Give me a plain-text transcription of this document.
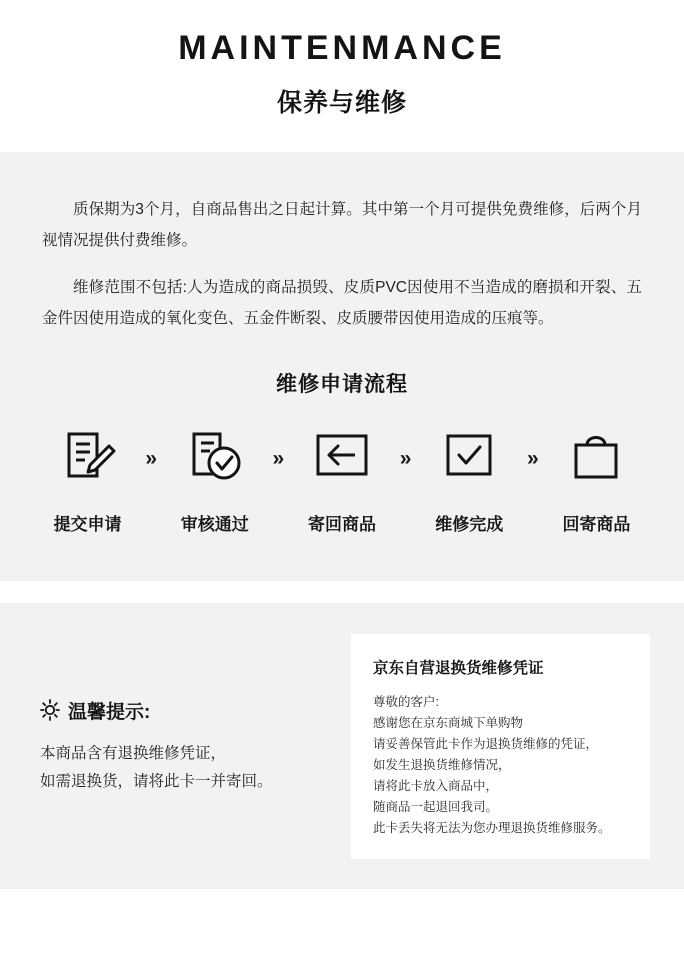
MAINTENMANCE
保养与维修

质保期为3个月，自商品售出之日起计算。其中第一个月可提供免费维修，后两个月视情况提供付费维修。

维修范围不包括:人为造成的商品损毁、皮质PVC因使用不当造成的磨损和开裂、五金件因使用造成的氧化变色、五金件断裂、皮质腰带因使用造成的压痕等。

维修申请流程
提交申请
»
审核通过
»
寄回商品
»
维修完成
»
回寄商品
温馨提示:
本商品含有退换维修凭证，
如需退换货，请将此卡一并寄回。
京东自营退换货维修凭证
尊敬的客户:
感谢您在京东商城下单购物
请妥善保管此卡作为退换货维修的凭证，
如发生退换货维修情况，
请将此卡放入商品中，
随商品一起退回我司。
此卡丢失将无法为您办理退换货维修服务。
